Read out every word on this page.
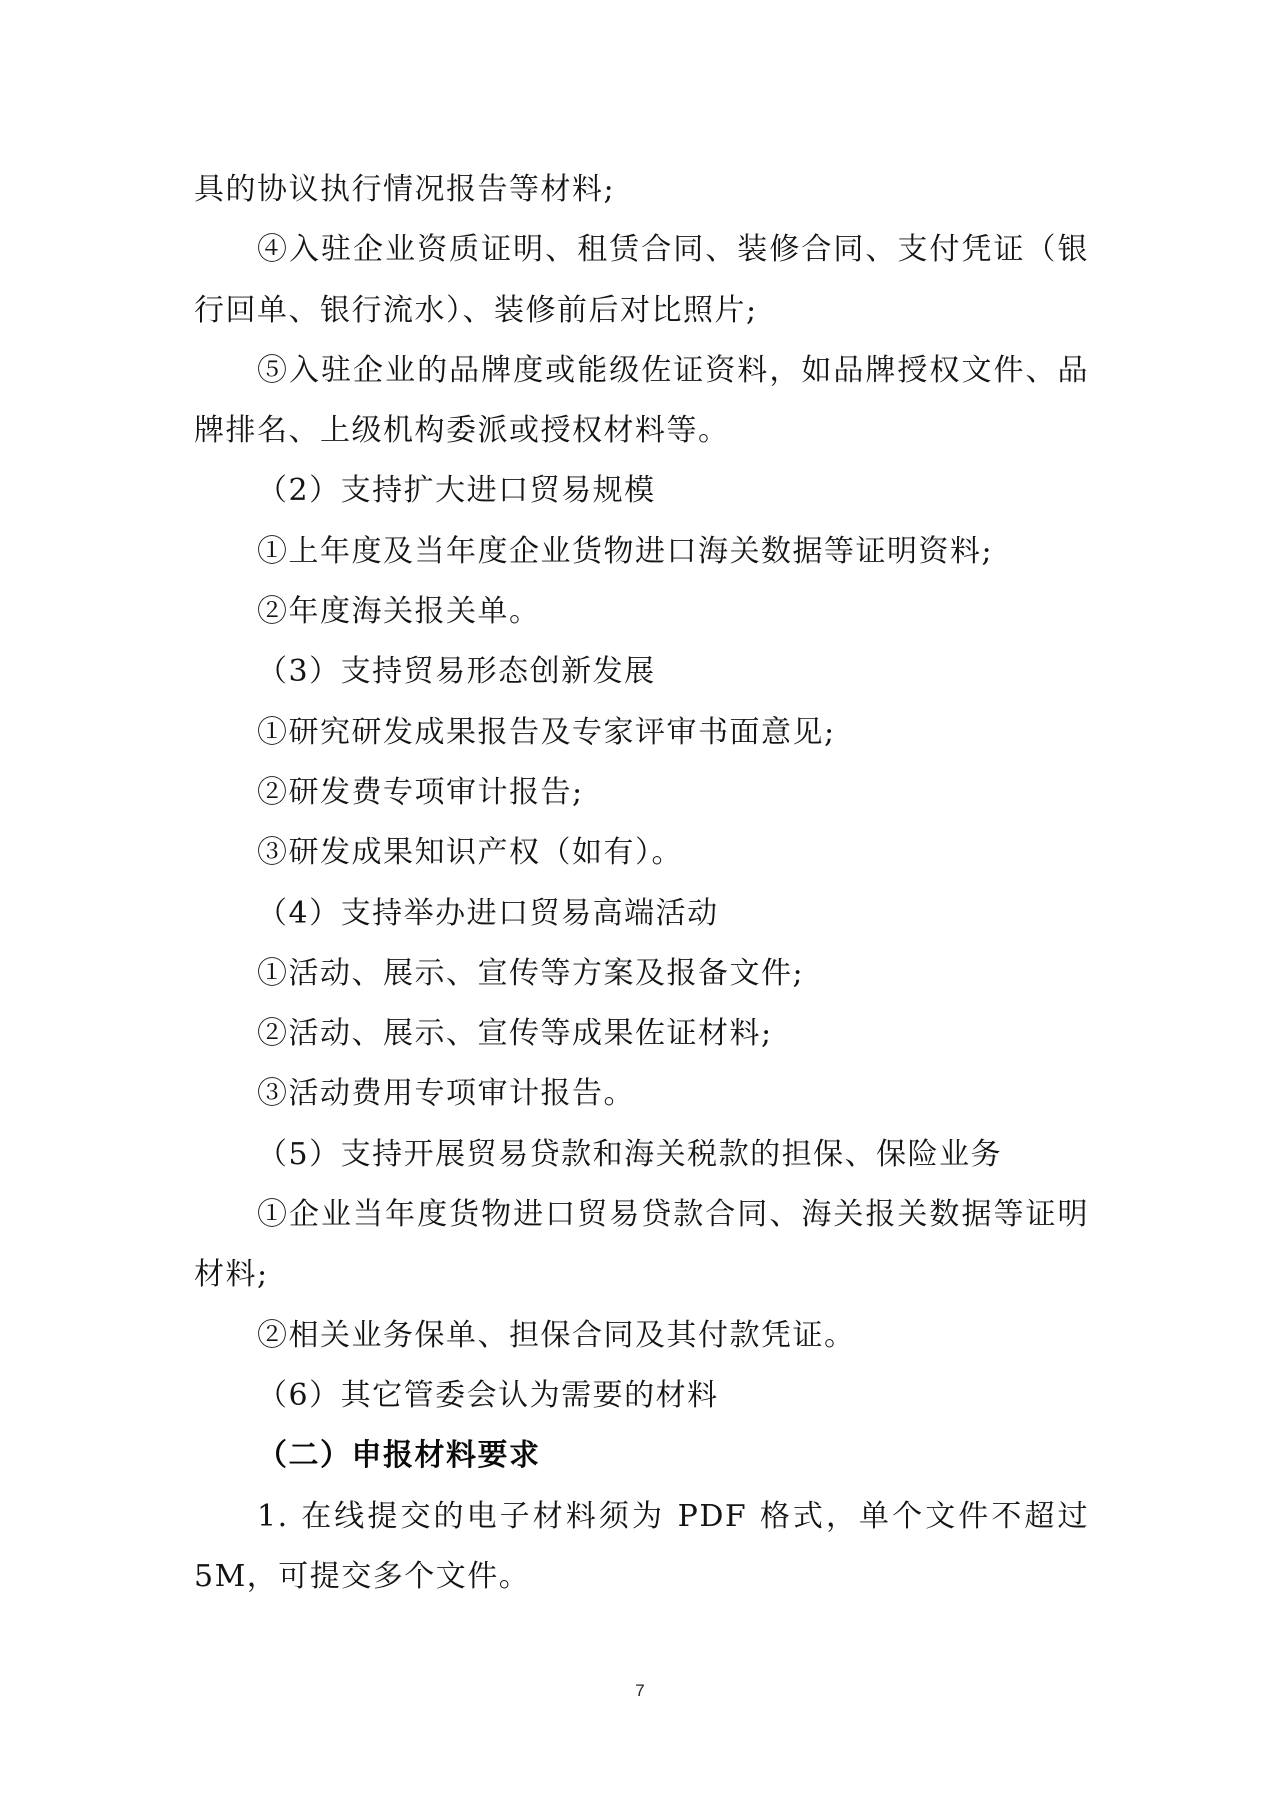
具的协议执行情况报告等材料;
④入驻企业资质证明、租赁合同、装修合同、支付凭证（银
行回单、银行流水）、装修前后对比照片;
⑤入驻企业的品牌度或能级佐证资料，如品牌授权文件、品
牌排名、上级机构委派或授权材料等。
（2）支持扩大进口贸易规模
①上年度及当年度企业货物进口海关数据等证明资料;
②年度海关报关单。
（3）支持贸易形态创新发展
①研究研发成果报告及专家评审书面意见;
②研发费专项审计报告;
③研发成果知识产权（如有）。
（4）支持举办进口贸易高端活动
①活动、展示、宣传等方案及报备文件;
②活动、展示、宣传等成果佐证材料;
③活动费用专项审计报告。
（5）支持开展贸易贷款和海关税款的担保、保险业务
①企业当年度货物进口贸易贷款合同、海关报关数据等证明
材料;
②相关业务保单、担保合同及其付款凭证。
（6）其它管委会认为需要的材料
（二）申报材料要求
1. 在线提交的电子材料须为 PDF 格式，单个文件不超过
5M，可提交多个文件。
7
